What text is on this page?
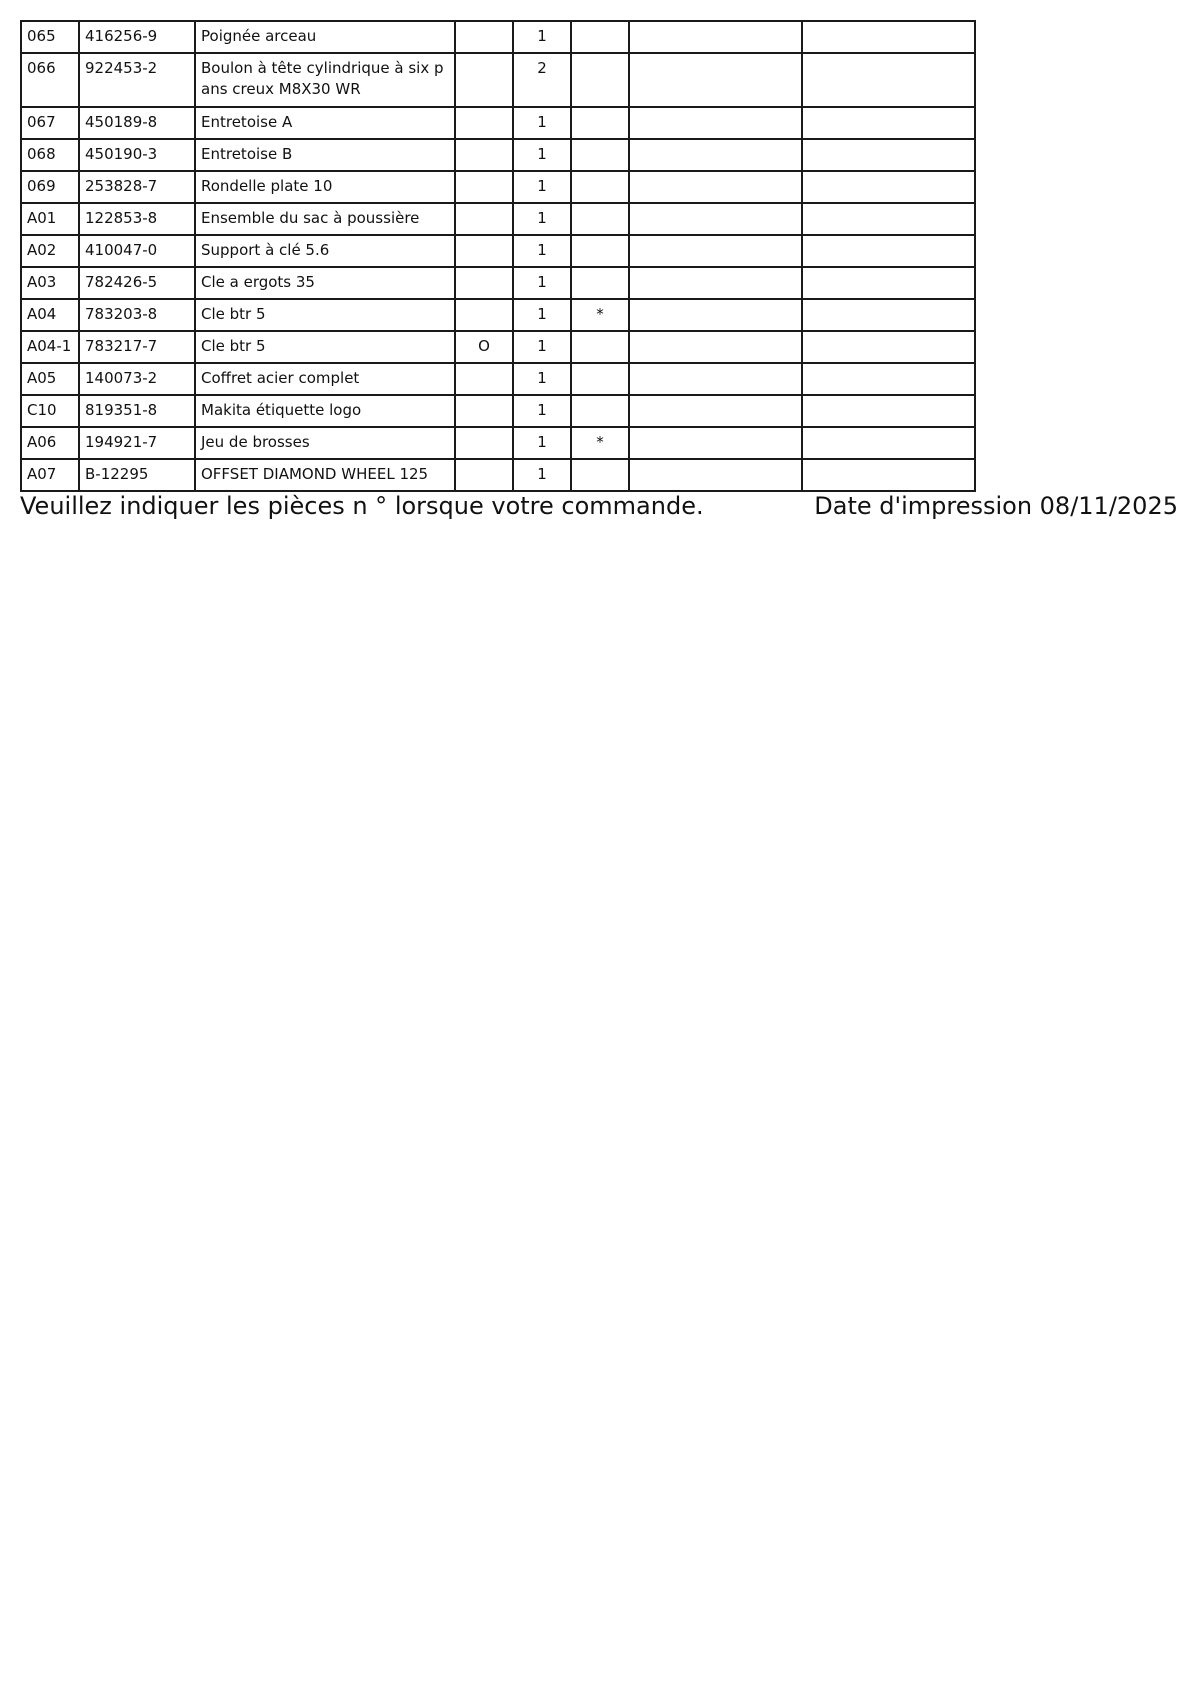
065	416256-9	Poignée arceau		1			
066	922453-2	Boulon à tête cylindrique à six pans creux M8X30 WR		2			
067	450189-8	Entretoise A		1			
068	450190-3	Entretoise B		1			
069	253828-7	Rondelle plate 10		1			
A01	122853-8	Ensemble du sac à poussière		1			
A02	410047-0	Support à clé 5.6		1			
A03	782426-5	Cle a ergots 35		1			
A04	783203-8	Cle btr 5		1	*		
A04-1	783217-7	Cle btr 5	O	1			
A05	140073-2	Coffret acier complet		1			
C10	819351-8	Makita étiquette logo		1			
A06	194921-7	Jeu de brosses		1	*		
A07	B-12295	OFFSET DIAMOND WHEEL 125		1			
Veuillez indiquer les pièces n ° lorsque votre commande.	Date d'impression 08/11/2025
